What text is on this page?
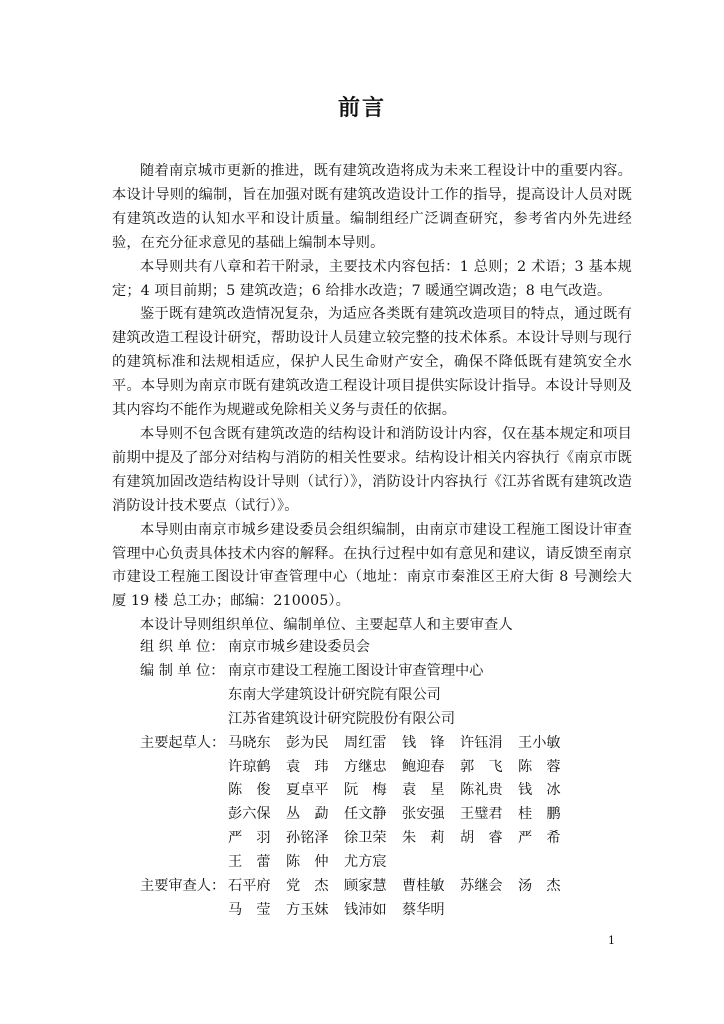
前言

随着南京城市更新的推进，既有建筑改造将成为未来工程设计中的重要内容。本设计导则的编制，旨在加强对既有建筑改造设计工作的指导，提高设计人员对既有建筑改造的认知水平和设计质量。编制组经广泛调查研究，参考省内外先进经验，在充分征求意见的基础上编制本导则。

本导则共有八章和若干附录，主要技术内容包括：1 总则；2 术语；3 基本规定；4 项目前期；5 建筑改造；6 给排水改造；7 暖通空调改造；8 电气改造。

鉴于既有建筑改造情况复杂，为适应各类既有建筑改造项目的特点，通过既有建筑改造工程设计研究，帮助设计人员建立较完整的技术体系。本设计导则与现行的建筑标准和法规相适应，保护人民生命财产安全，确保不降低既有建筑安全水平。本导则为南京市既有建筑改造工程设计项目提供实际设计指导。本设计导则及其内容均不能作为规避或免除相关义务与责任的依据。

本导则不包含既有建筑改造的结构设计和消防设计内容，仅在基本规定和项目前期中提及了部分对结构与消防的相关性要求。结构设计相关内容执行《南京市既有建筑加固改造结构设计导则（试行）》，消防设计内容执行《江苏省既有建筑改造消防设计技术要点（试行）》。

本导则由南京市城乡建设委员会组织编制，由南京市建设工程施工图设计审查管理中心负责具体技术内容的解释。在执行过程中如有意见和建议，请反馈至南京市建设工程施工图设计审查管理中心（地址：南京市秦淮区王府大街 8 号测绘大厦 19 楼 总工办；邮编：210005）。

本设计导则组织单位、编制单位、主要起草人和主要审查人

组 织 单 位： 南京市城乡建设委员会
编 制 单 位： 南京市建设工程施工图设计审查管理中心
东南大学建筑设计研究院有限公司
江苏省建筑设计研究院股份有限公司
主要起草人： 马晓东	彭为民	周红雷	钱　锋	许钰涓	王小敏
许琼鹤	袁　玮	方继忠	鲍迎春	郭　飞	陈　蓉
陈　俊	夏卓平	阮　梅	袁　星	陈礼贵	钱　冰
彭六保	丛　勐	任文静	张安强	王璧君	桂　鹏
严　羽	孙铭泽	徐卫荣	朱　莉	胡　睿	严　希
王　蕾	陈　仲	尤方宸
主要审查人： 石平府	党　杰	顾家慧	曹桂敏	苏继会	汤　杰
马　莹	方玉妹	钱沛如	蔡华明
1
